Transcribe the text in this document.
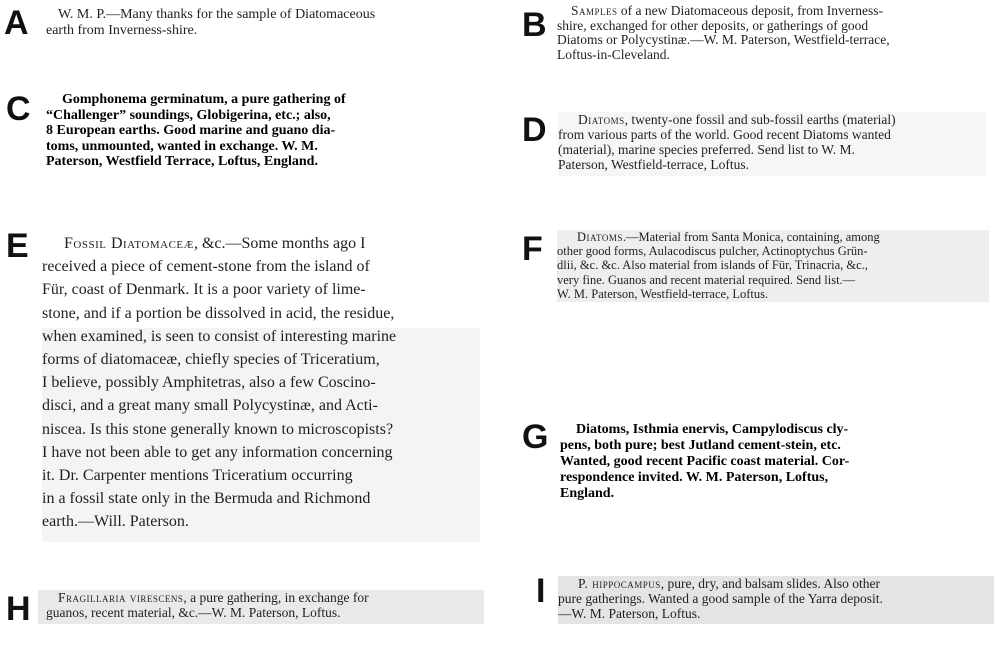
A	W. M. P.—Many thanks for the sample of Diatomaceous
earth from Inverness-shire.	B	Samples of a new Diatomaceous deposit, from Inverness-
shire, exchanged for other deposits, or gatherings of good
Diatoms or Polycystinæ.—W. M. Paterson, Westfield-terrace,
Loftus-in-Cleveland.
C	Gomphonema germinatum, a pure gathering of
“Challenger” soundings, Globigerina, etc.; also,
8 European earths. Good marine and guano dia-
toms, unmounted, wanted in exchange. W. M.
Paterson, Westfield Terrace, Loftus, England.
D	Diatoms, twenty-one fossil and sub-fossil earths (material)
from various parts of the world. Good recent Diatoms wanted
(material), marine species preferred. Send list to W. M.
Paterson, Westfield-terrace, Loftus.
E	Fossil Diatomaceæ, &c.—Some months ago I
received a piece of cement-stone from the island of
Für, coast of Denmark. It is a poor variety of lime-
stone, and if a portion be dissolved in acid, the residue,
when examined, is seen to consist of interesting marine
forms of diatomaceæ, chiefly species of Triceratium,
I believe, possibly Amphitetras, also a few Coscino-
disci, and a great many small Polycystinæ, and Acti-
niscea. Is this stone generally known to microscopists?
I have not been able to get any information concerning
it. Dr. Carpenter mentions Triceratium occurring
in a fossil state only in the Bermuda and Richmond
earth.—Will. Paterson.
F	Diatoms.—Material from Santa Monica, containing, among
other good forms, Aulacodiscus pulcher, Actinoptychus Grün-
dlii, &c. &c. Also material from islands of Für, Trinacria, &c.,
very fine. Guanos and recent material required. Send list.—
W. M. Paterson, Westfield-terrace, Loftus.
G	Diatoms, Isthmia enervis, Campylodiscus cly-
pens, both pure; best Jutland cement-stein, etc.
Wanted, good recent Pacific coast material. Cor-
respondence invited. W. M. Paterson, Loftus,
England.
H	Fragillaria virescens, a pure gathering, in exchange for
guanos, recent material, &c.—W. M. Paterson, Loftus.
I	P. hippocampus, pure, dry, and balsam slides. Also other
pure gatherings. Wanted a good sample of the Yarra deposit.
—W. M. Paterson, Loftus.
